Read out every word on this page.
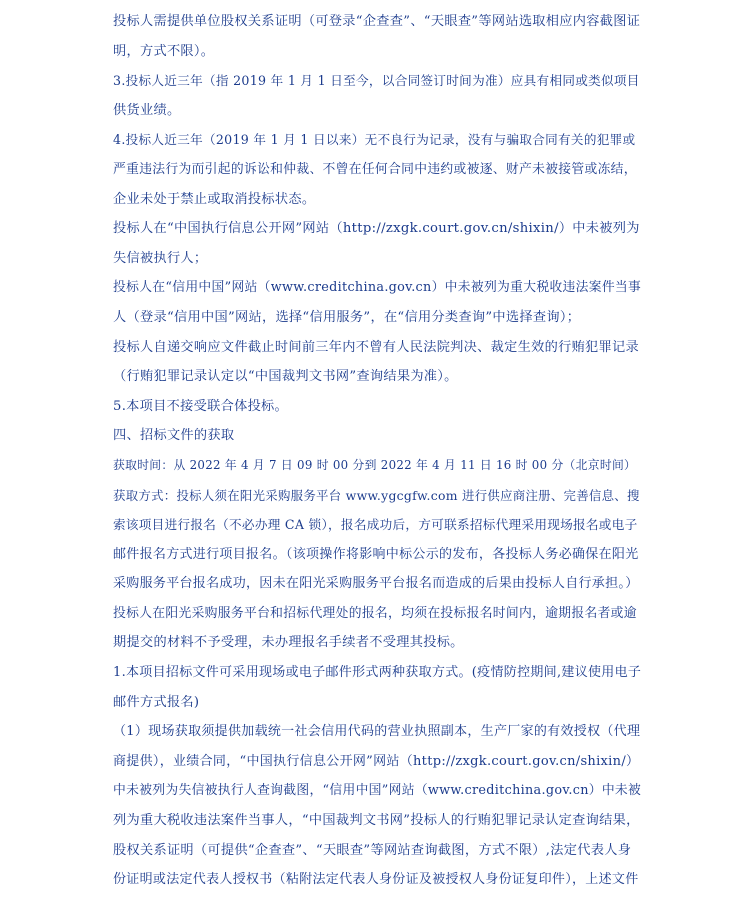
投标人需提供单位股权关系证明（可登录“企查查”、“天眼查”等网站选取相应内容截图证
明，方式不限）。
3.投标人近三年（指 2019 年 1 月 1 日至今，以合同签订时间为准）应具有相同或类似项目
供货业绩。
4.投标人近三年（2019 年 1 月 1 日以来）无不良行为记录，没有与骗取合同有关的犯罪或
严重违法行为而引起的诉讼和仲裁、不曾在任何合同中违约或被逐、财产未被接管或冻结，
企业未处于禁止或取消投标状态。
投标人在“中国执行信息公开网”网站（http://zxgk.court.gov.cn/shixin/）中未被列为
失信被执行人；
投标人在“信用中国”网站（www.creditchina.gov.cn）中未被列为重大税收违法案件当事
人（登录“信用中国”网站，选择“信用服务”，在“信用分类查询”中选择查询）；
投标人自递交响应文件截止时间前三年内不曾有人民法院判决、裁定生效的行贿犯罪记录
（行贿犯罪记录认定以“中国裁判文书网”查询结果为准）。
5.本项目不接受联合体投标。
四、招标文件的获取
获取时间：从 2022 年 4 月 7 日 09 时 00 分到 2022 年 4 月 11 日 16 时 00 分（北京时间）
获取方式：投标人须在阳光采购服务平台 www.ygcgfw.com 进行供应商注册、完善信息、搜
索该项目进行报名（不必办理 CA 锁），报名成功后，方可联系招标代理采用现场报名或电子
邮件报名方式进行项目报名。（该项操作将影响中标公示的发布，各投标人务必确保在阳光
采购服务平台报名成功，因未在阳光采购服务平台报名而造成的后果由投标人自行承担。）
投标人在阳光采购服务平台和招标代理处的报名，均须在投标报名时间内，逾期报名者或逾
期提交的材料不予受理，未办理报名手续者不受理其投标。
1.本项目招标文件可采用现场或电子邮件形式两种获取方式。(疫情防控期间,建议使用电子
邮件方式报名)
（1）现场获取须提供加载统一社会信用代码的营业执照副本，生产厂家的有效授权（代理
商提供），业绩合同，“中国执行信息公开网”网站（http://zxgk.court.gov.cn/shixin/）
中未被列为失信被执行人查询截图，“信用中国”网站（www.creditchina.gov.cn）中未被
列为重大税收违法案件当事人，“中国裁判文书网”投标人的行贿犯罪记录认定查询结果，
股权关系证明（可提供“企查查”、“天眼查”等网站查询截图，方式不限）,法定代表人身
份证明或法定代表人授权书（粘附法定代表人身份证及被授权人身份证复印件），上述文件
